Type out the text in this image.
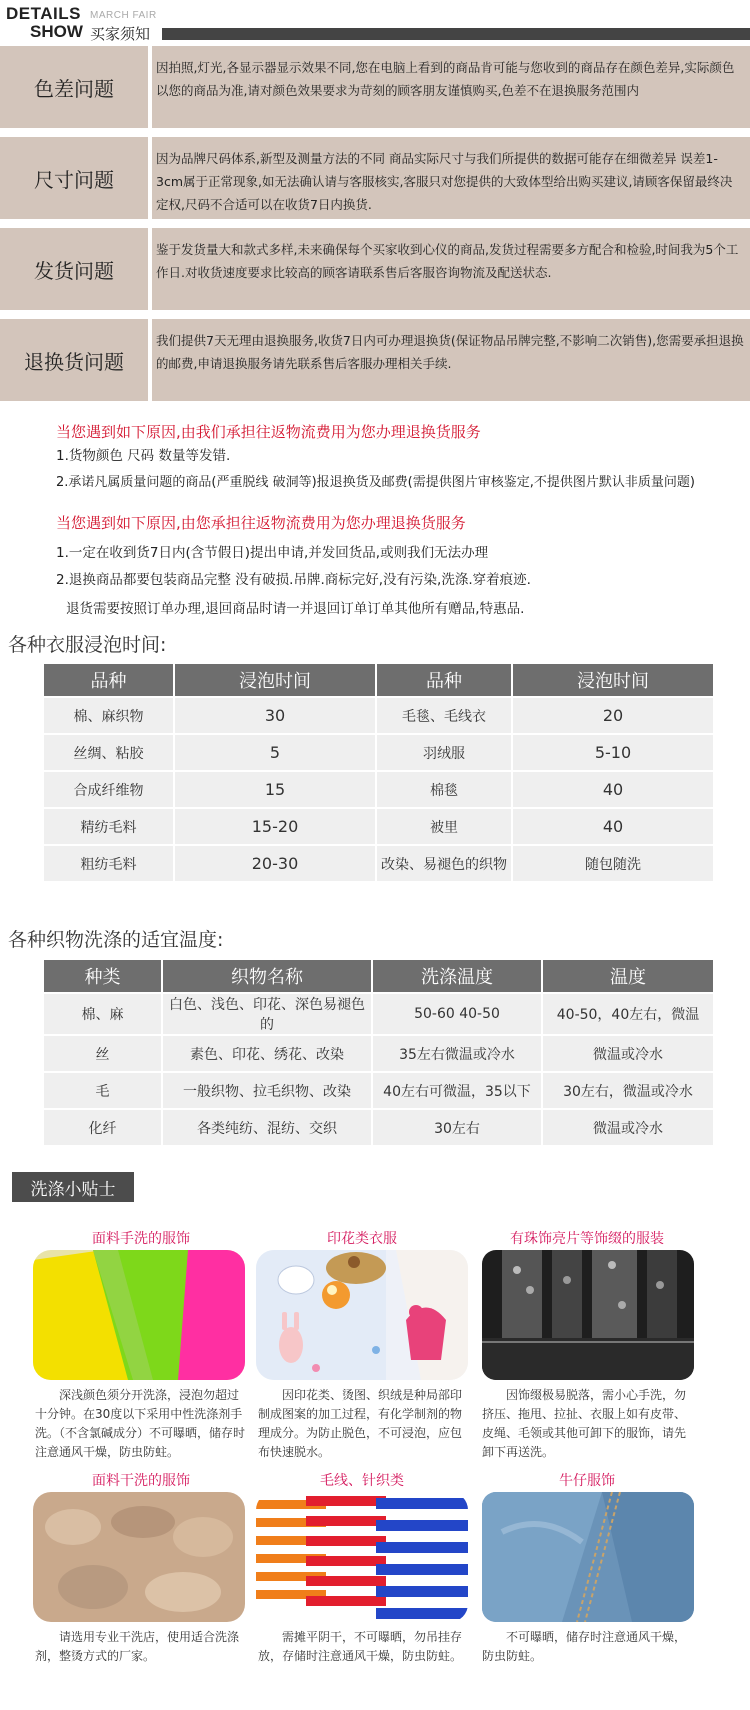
DETAILS
SHOW
MARCH FAIR
买家须知
色差问题
因拍照,灯光,各显示器显示效果不同,您在电脑上看到的商品肯可能与您收到的商品存在颜色差异,实际颜色以您的商品为准,请对颜色效果要求为苛刻的顾客朋友谨慎购买,色差不在退换服务范围内
尺寸问题
因为品牌尺码体系,新型及测量方法的不同 商品实际尺寸与我们所提供的数据可能存在细微差异 误差1-3cm属于正常现象,如无法确认请与客服核实,客服只对您提供的大致体型给出购买建议,请顾客保留最终决定权,尺码不合适可以在收货7日内换货.
发货问题
鉴于发货量大和款式多样,未来确保每个买家收到心仪的商品,发货过程需要多方配合和检验,时间我为5个工作日.对收货速度要求比较高的顾客请联系售后客服咨询物流及配送状态.
退换货问题
我们提供7天无理由退换服务,收货7日内可办理退换货(保证物品吊牌完整,不影响二次销售),您需要承担退换的邮费,申请退换服务请先联系售后客服办理相关手续.
当您遇到如下原因,由我们承担往返物流费用为您办理退换货服务
1.货物颜色 尺码 数量等发错.
2.承诺凡属质量问题的商品(严重脱线 破洞等)报退换货及邮费(需提供图片审核鉴定,不提供图片默认非质量问题)
当您遇到如下原因,由您承担往返物流费用为您办理退换货服务
1.一定在收到货7日内(含节假日)提出申请,并发回货品,或则我们无法办理
2.退换商品都要包装商品完整 没有破损.吊牌.商标完好,没有污染,洗涤.穿着痕迹.
退货需要按照订单办理,退回商品时请一并退回订单订单其他所有赠品,特惠品.
各种衣服浸泡时间:
品种	浸泡时间	品种	浸泡时间
棉、麻织物	30	毛毯、毛线衣	20
丝绸、粘胶	5	羽绒服	5-10
合成纤维物	15	棉毯	40
精纺毛料	15-20	被里	40
粗纺毛料	20-30	改染、易褪色的织物	随包随洗
各种织物洗涤的适宜温度:
种类	织物名称	洗涤温度	温度
棉、麻	白色、浅色、印花、深色易褪色的	50-60 40-50	40-50，40左右，微温
丝	素色、印花、绣花、改染	35左右微温或冷水	微温或冷水
毛	一般织物、拉毛织物、改染	40左右可微温，35以下	30左右，微温或冷水
化纤	各类纯纺、混纺、交织	30左右	微温或冷水
洗涤小贴士
面料手洗的服饰
深浅颜色须分开洗涤，浸泡勿超过十分钟。在30度以下采用中性洗涤剂手洗。（不含氯碱成分）不可曝晒，储存时注意通风干燥，防虫防蛀。
印花类衣服
因印花类、烫图、织绒是种局部印制成图案的加工过程，有化学制剂的物理成分。为防止脱色，不可浸泡，应包布快速脱水。
有珠饰亮片等饰缀的服装
因饰缀极易脱落，需小心手洗，勿挤压、拖甩、拉扯、衣服上如有皮带、皮绳、毛领或其他可卸下的服饰，请先卸下再送洗。
面料干洗的服饰
请选用专业干洗店，使用适合洗涤剂，整烫方式的厂家。
毛线、针织类
需摊平阴干，不可曝晒，勿吊挂存放，存储时注意通风干燥，防虫防蛀。
牛仔服饰
不可曝晒，储存时注意通风干燥，防虫防蛀。
